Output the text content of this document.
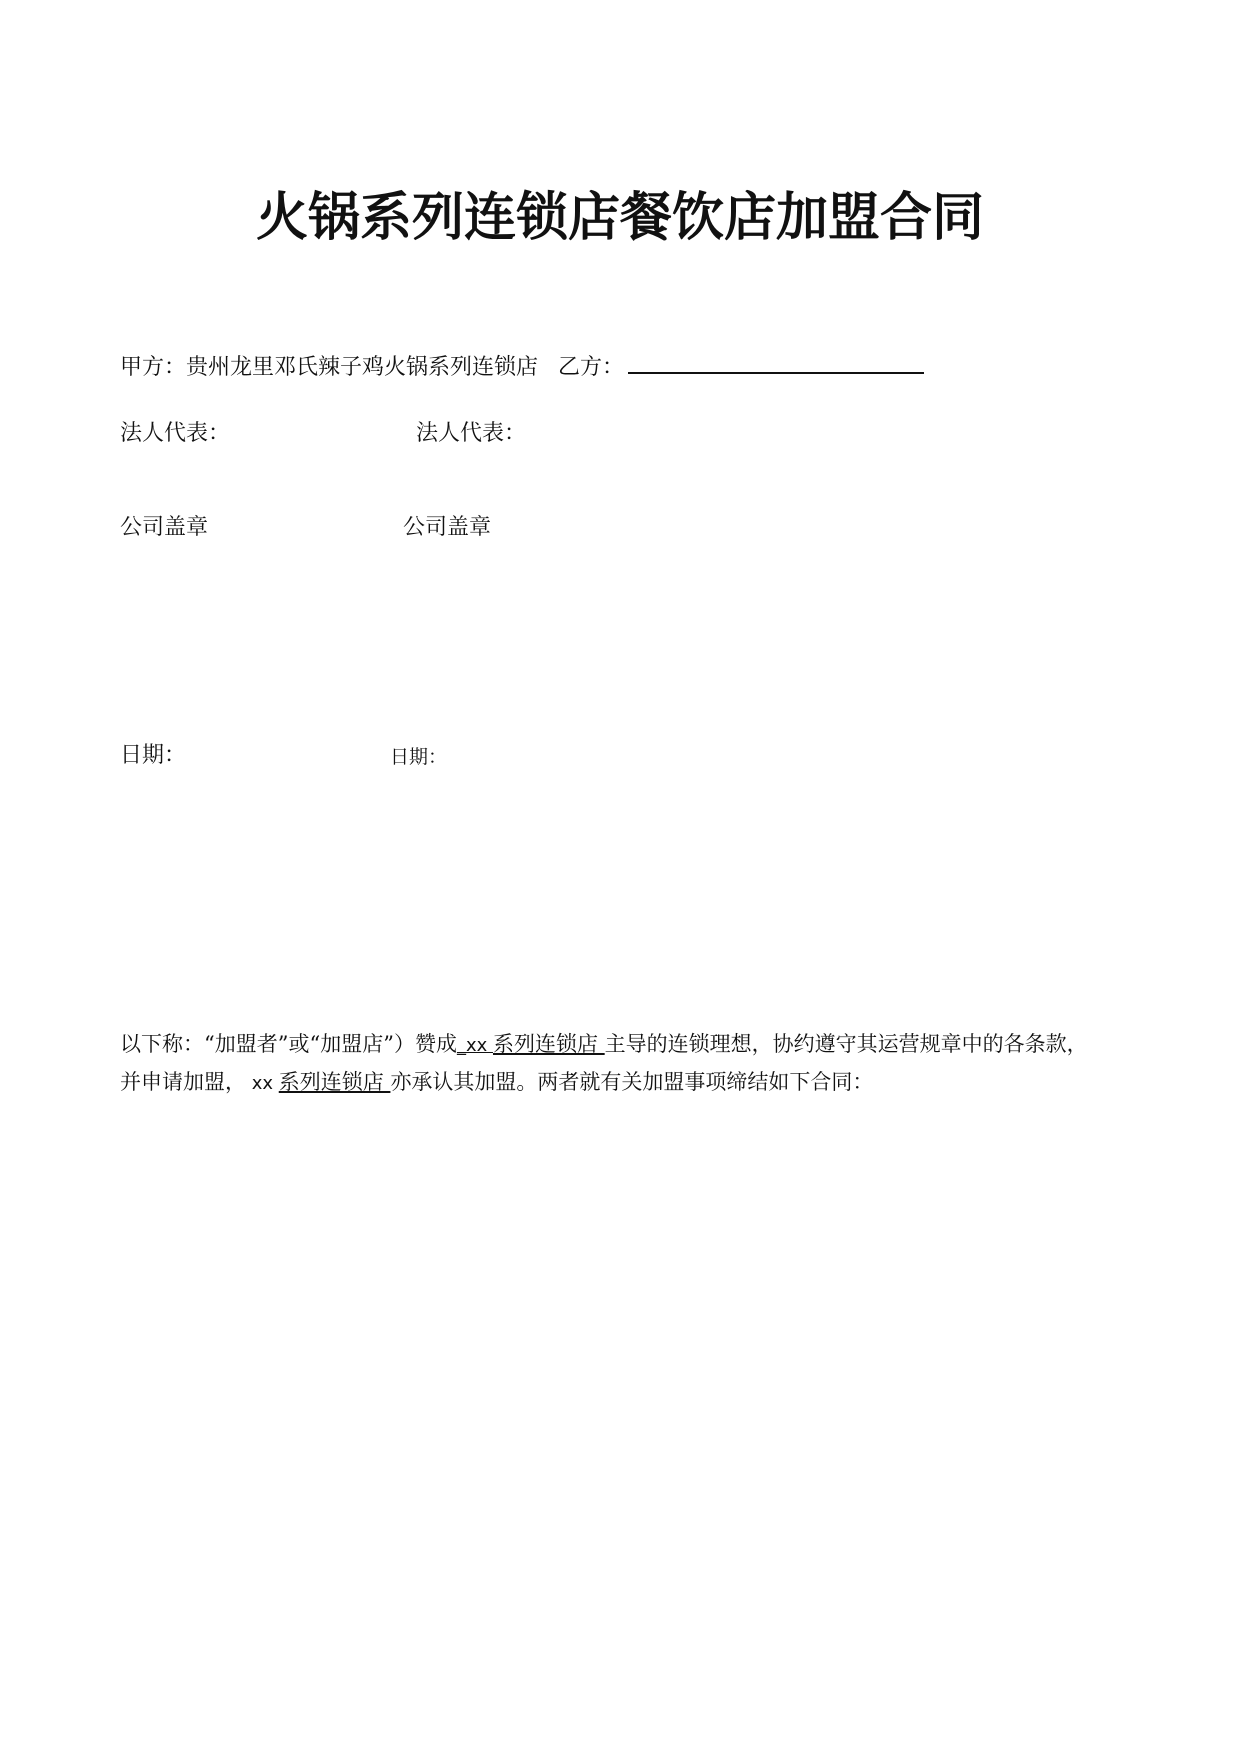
火锅系列连锁店餐饮店加盟合同
甲方：贵州龙里邓氏辣子鸡火锅系列连锁店 乙方：
法人代表：	法人代表：
公司盖章	公司盖章
日期：	日期：
以下称：“加盟者”或“加盟店”）赞成_xx 系列连锁店 主导的连锁理想，协约遵守其运营规章中的各条款，
并申请加盟， xx 系列连锁店 亦承认其加盟。两者就有关加盟事项缔结如下合同：
